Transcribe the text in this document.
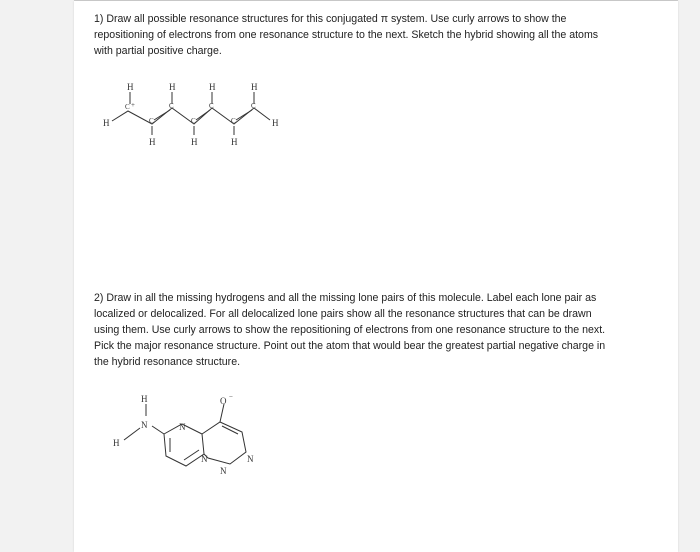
1) Draw all possible resonance structures for this conjugated π system. Use curly arrows to show the repositioning of electrons from one resonance structure to the next. Sketch the hybrid showing all the atoms with partial positive charge.

H	H	H	H
H	H	H
H	H
C +
C
C
C
C
C
C

2) Draw in all the missing hydrogens and all the missing lone pairs of this molecule. Label each lone pair as localized or delocalized. For all delocalized lone pairs show all the resonance structures that can be drawn using them. Use curly arrows to show the repositioning of electrons from one resonance structure to the next. Pick the major resonance structure. Point out the atom that would bear the greatest partial negative charge in the hybrid resonance structure.

H
H
N	N
N
N
N
O −
